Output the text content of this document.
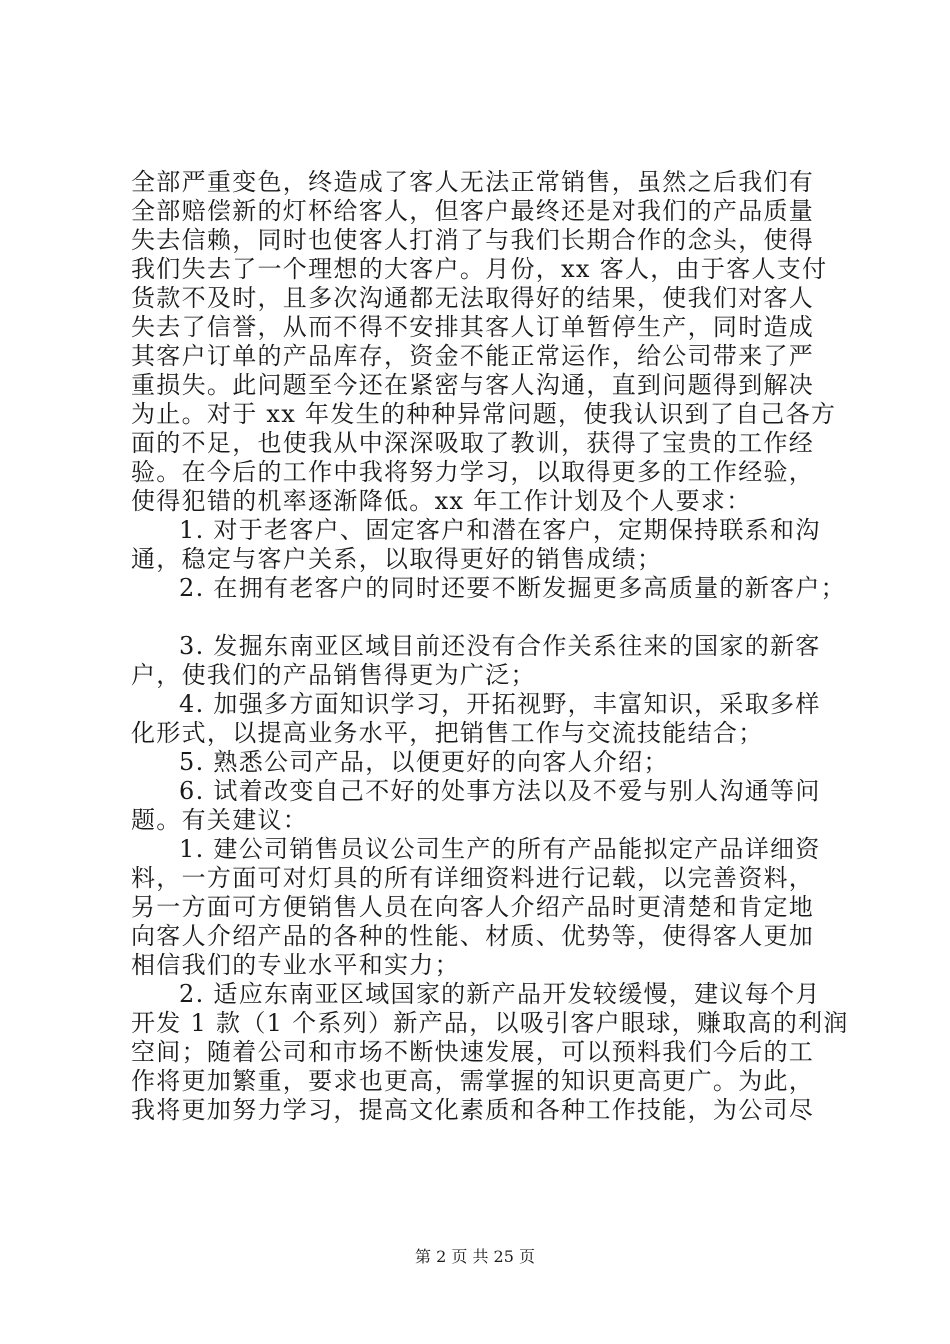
全部严重变色，终造成了客人无法正常销售，虽然之后我们有
全部赔偿新的灯杯给客人，但客户最终还是对我们的产品质量
失去信赖，同时也使客人打消了与我们长期合作的念头，使得
我们失去了一个理想的大客户。月份，xx 客人，由于客人支付
货款不及时，且多次沟通都无法取得好的结果，使我们对客人
失去了信誉，从而不得不安排其客人订单暂停生产，同时造成
其客户订单的产品库存，资金不能正常运作，给公司带来了严
重损失。此问题至今还在紧密与客人沟通，直到问题得到解决
为止。对于 xx 年发生的种种异常问题，使我认识到了自己各方
面的不足，也使我从中深深吸取了教训，获得了宝贵的工作经
验。在今后的工作中我将努力学习，以取得更多的工作经验，
使得犯错的机率逐渐降低。xx 年工作计划及个人要求：
1. 对于老客户、固定客户和潜在客户，定期保持联系和沟
通，稳定与客户关系，以取得更好的销售成绩；
2. 在拥有老客户的同时还要不断发掘更多高质量的新客户；
3. 发掘东南亚区域目前还没有合作关系往来的国家的新客
户，使我们的产品销售得更为广泛；
4. 加强多方面知识学习，开拓视野，丰富知识，采取多样
化形式，以提高业务水平，把销售工作与交流技能结合；
5. 熟悉公司产品，以便更好的向客人介绍；
6. 试着改变自己不好的处事方法以及不爱与别人沟通等问
题。有关建议：
1. 建公司销售员议公司生产的所有产品能拟定产品详细资
料，一方面可对灯具的所有详细资料进行记载，以完善资料，
另一方面可方便销售人员在向客人介绍产品时更清楚和肯定地
向客人介绍产品的各种的性能、材质、优势等，使得客人更加
相信我们的专业水平和实力；
2. 适应东南亚区域国家的新产品开发较缓慢，建议每个月
开发 1 款（1 个系列）新产品，以吸引客户眼球，赚取高的利润
空间；随着公司和市场不断快速发展，可以预料我们今后的工
作将更加繁重，要求也更高，需掌握的知识更高更广。为此，
我将更加努力学习，提高文化素质和各种工作技能，为公司尽
第 2 页 共 25 页
